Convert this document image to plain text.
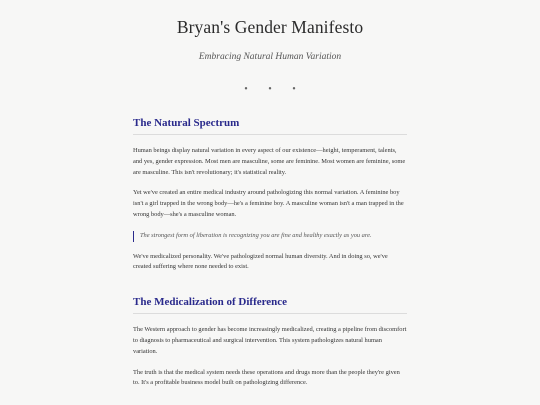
Bryan's Gender Manifesto
Embracing Natural Human Variation
• • •
The Natural Spectrum

Human beings display natural variation in every aspect of our existence—height, temperament, talents, and yes, gender expression. Most men are masculine, some are feminine. Most women are feminine, some are masculine. This isn't revolutionary; it's statistical reality.

Yet we've created an entire medical industry around pathologizing this normal variation. A feminine boy isn't a girl trapped in the wrong body—he's a feminine boy. A masculine woman isn't a man trapped in the wrong body—she's a masculine woman.

The strongest form of liberation is recognizing you are fine and healthy exactly as you are.

We've medicalized personality. We've pathologized normal human diversity. And in doing so, we've created suffering where none needed to exist.

The Medicalization of Difference

The Western approach to gender has become increasingly medicalized, creating a pipeline from discomfort to diagnosis to pharmaceutical and surgical intervention. This system pathologizes natural human variation.

The truth is that the medical system needs these operations and drugs more than the people they're given to. It's a profitable business model built on pathologizing difference.
